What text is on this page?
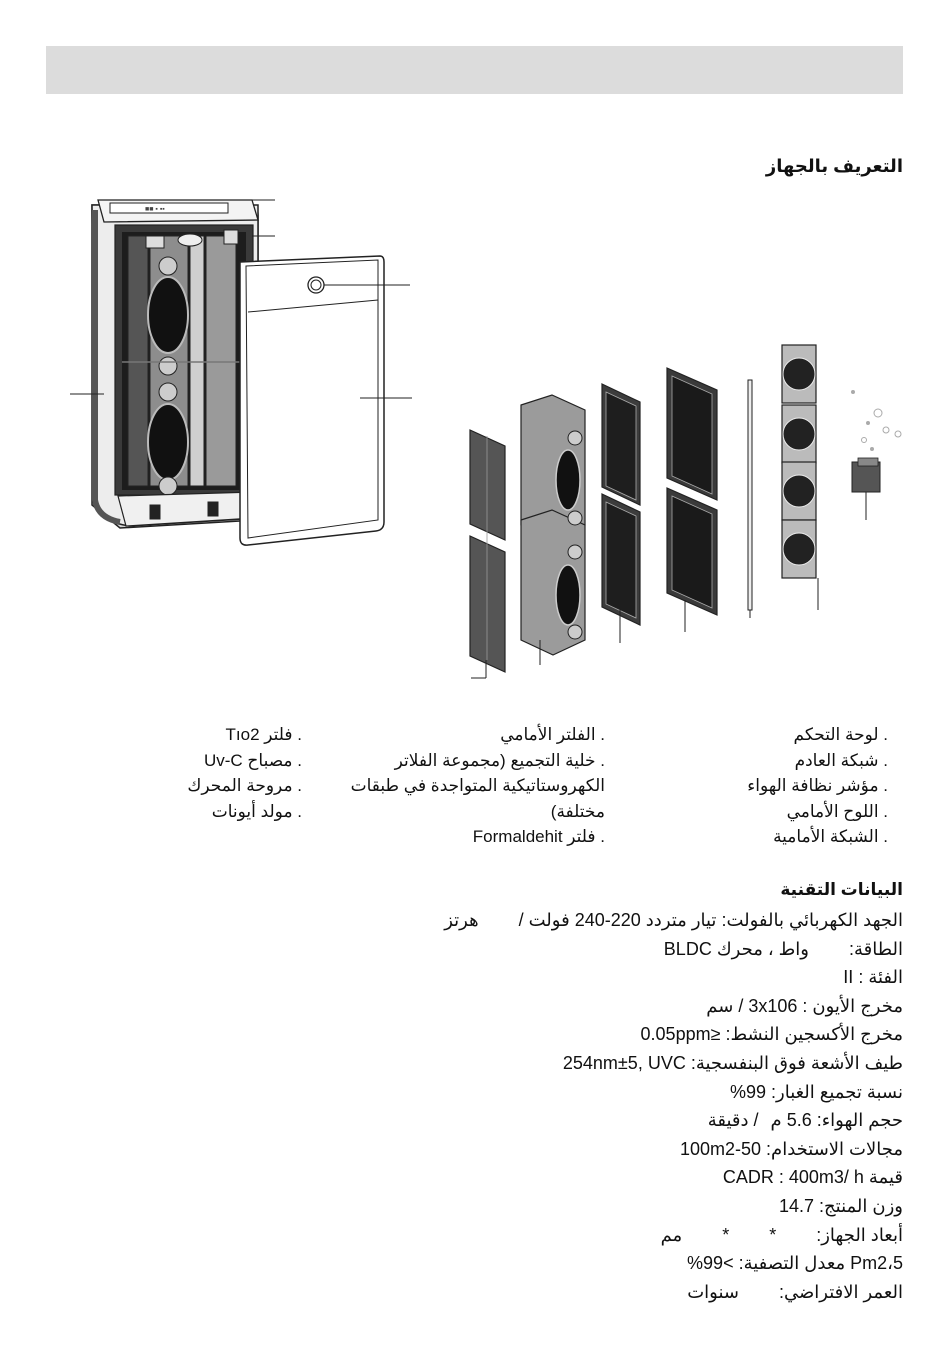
التعريف بالجهاز
■■ ▪ ▪▪
. لوحة التحكم
. شبكة العادم
. مؤشر نظافة الهواء
. اللوح الأمامي
. الشبكة الأمامية
. الفلتر الأمامي
. خلية التجميع (مجموعة الفلاتر
الكهروستاتيكية المتواجدة في طبقات مختلفة)
. فلتر Formaldehit
. فلتر Tıo2
. مصباح Uv-C
. مروحة المحرك
. مولد أيونات
البيانات التقنية
الجهد الكهربائي بالفولت: تيار متردد 220-240 فولت /هرتز
الطاقة:واط ، محرك BLDC
الفئة : II
مخرج الأيون : 3x106 / سم
مخرج الأكسجين النشط: ≤0.05ppm
طيف الأشعة فوق البنفسجية: 254nm±5, UVC
نسبة تجميع الغبار: 99%
حجم الهواء: 5.6 م/ دقيقة
مجالات الاستخدام: 50-100m2
قيمة CADR : 400m3/ h
وزن المنتج: 14.7
أبعاد الجهاز:**مم
Pm2،5 معدل التصفية: >99%
العمر الافتراضي:سنوات
